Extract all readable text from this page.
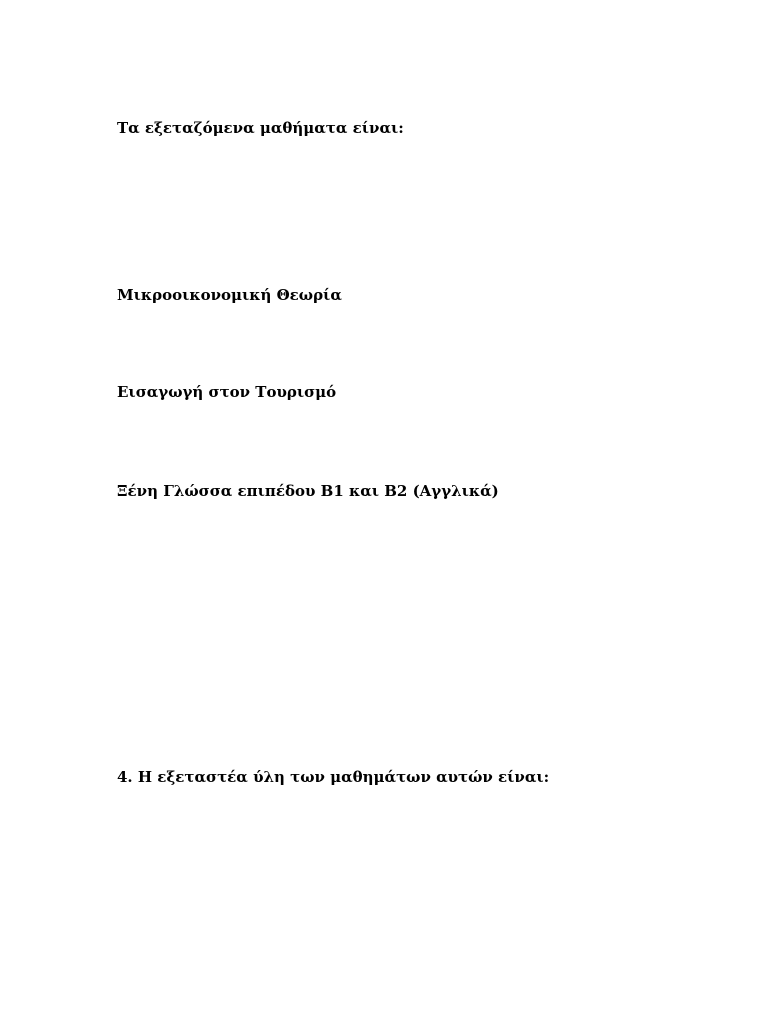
Τα εξεταζόμενα μαθήματα είναι:

Μικροοικονομική Θεωρία

Εισαγωγή στον Τουρισμό

Ξένη Γλώσσα επιπέδου Β1 και Β2 (Αγγλικά)

4. Η εξεταστέα ύλη των μαθημάτων αυτών είναι:
